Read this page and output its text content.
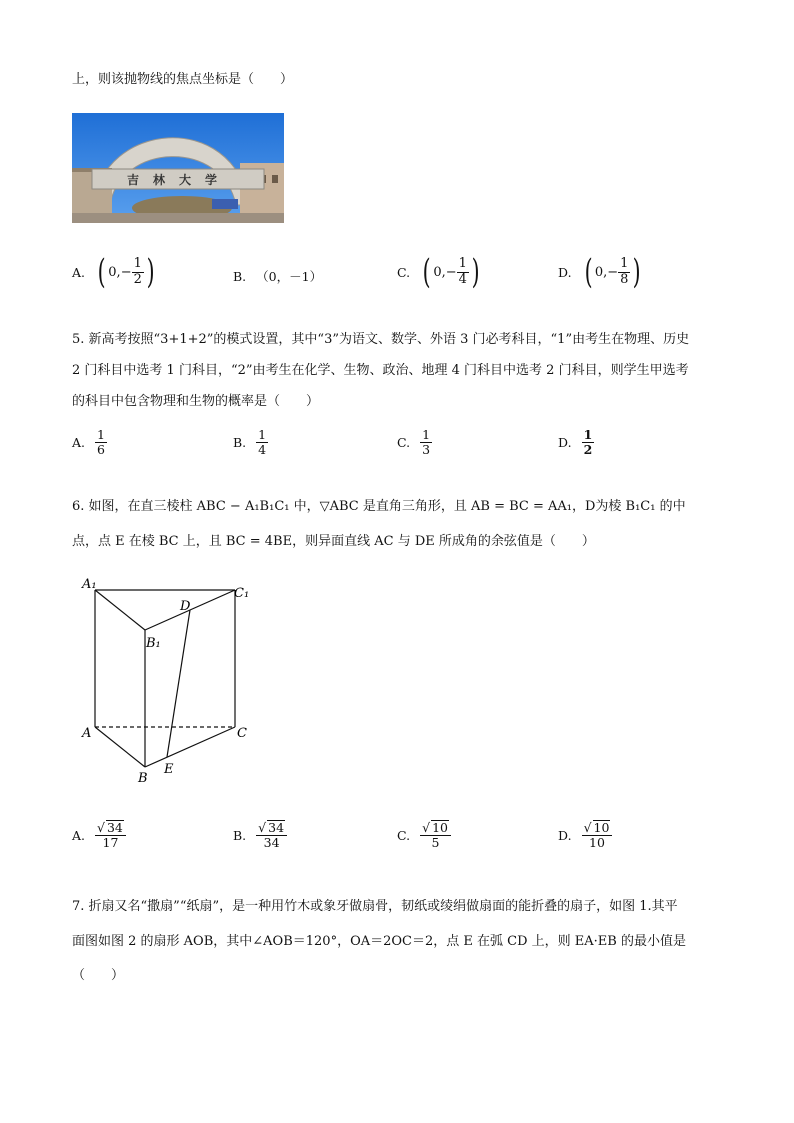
上，则该抛物线的焦点坐标是（　　）
吉林大学
A. ( 0, − $\frac{1}{2}$ )	B. （0，－1）	C. ( 0, − $\frac{1}{4}$ )	D. ( 0, − $\frac{1}{8}$ )
5. 新高考按照“3+1+2”的模式设置，其中“3”为语文、数学、外语 3 门必考科目，“1”由考生在物理、历史
2 门科目中选考 1 门科目，“2”由考生在化学、生物、政治、地理 4 门科目中选考 2 门科目，则学生甲选考
的科目中包含物理和生物的概率是（　　）
A. $\frac{1}{6}$	B. $\frac{1}{4}$	C. $\frac{1}{3}$	D. $\frac{1}{2}$
6. 如图，在直三棱柱 ABC − A₁B₁C₁ 中，▽ABC 是直角三角形，且 AB = BC = AA₁，D为棱 B₁C₁ 的中
点，点 E 在棱 BC 上，且 BC = 4BE，则异面直线 AC 与 DE 所成角的余弦值是（　　）
A₁
C₁
D
B₁
A	C
B
E
A. $\frac{√ 34}{17}$	B. $\frac{√ 34}{34}$	C. $\frac{√ 10}{5}$	D. $\frac{√ 10}{10}$
7. 折扇又名“撒扇”“纸扇”，是一种用竹木或象牙做扇骨，韧纸或绫绢做扇面的能折叠的扇子，如图 1.其平
面图如图 2 的扇形 AOB，其中∠AOB＝120°，OA＝2OC＝2，点 E 在弧 CD 上，则 EA·EB 的最小值是
（　　）
